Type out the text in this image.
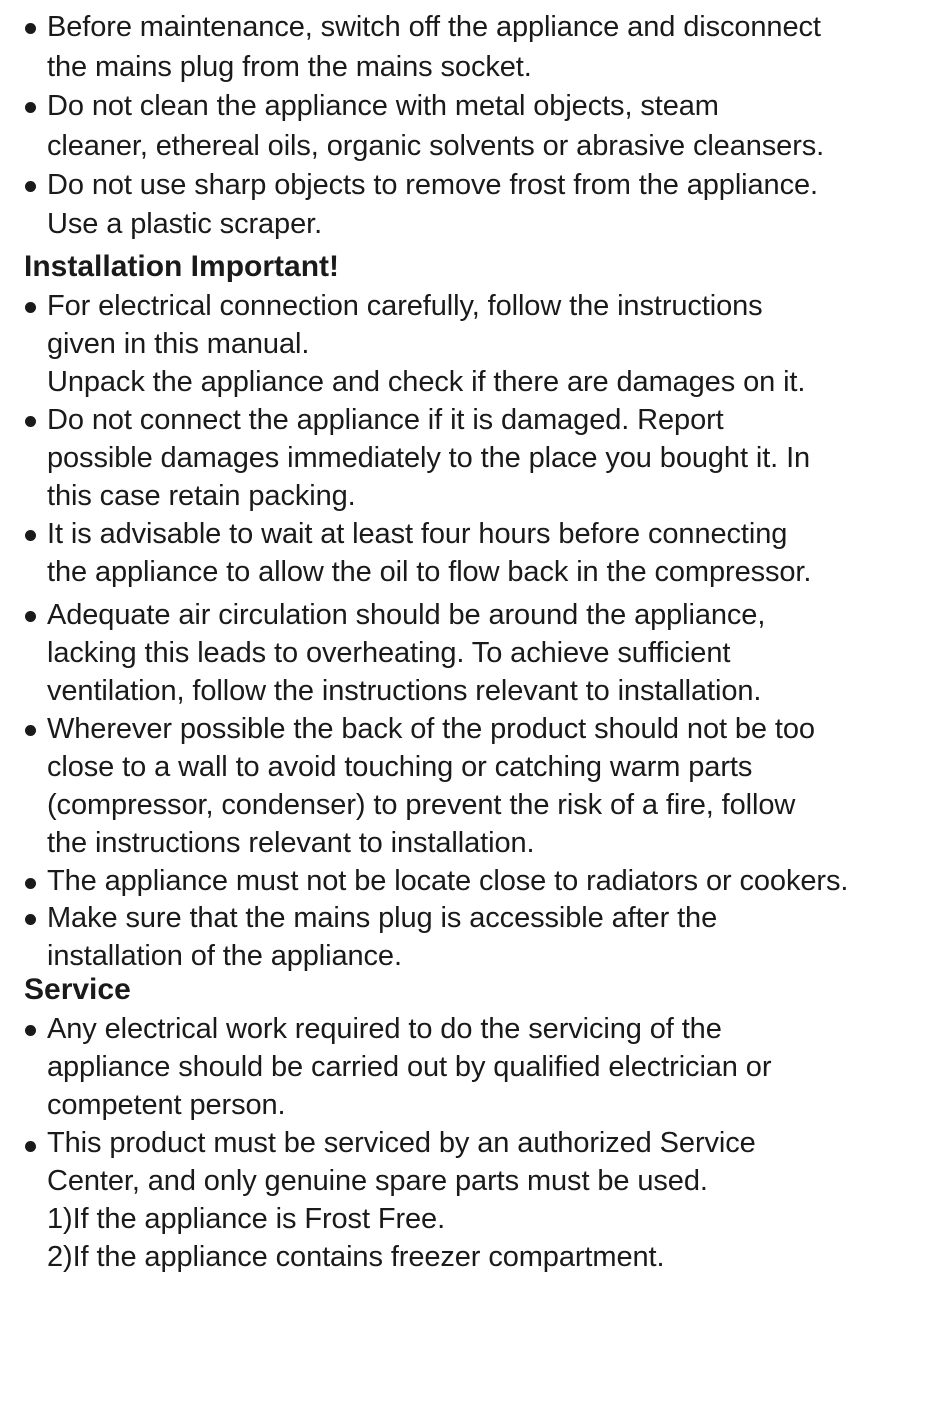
Before maintenance, switch off the appliance and disconnect
the mains plug from the mains socket.
Do not clean the appliance with metal objects, steam
cleaner, ethereal oils, organic solvents or abrasive cleansers.
Do not use sharp objects to remove frost from the appliance.
Use a plastic scraper.
Installation Important!
For electrical connection carefully, follow the instructions
given in this manual.
Unpack the appliance and check if there are damages on it.
Do not connect the appliance if it is damaged. Report
possible damages immediately to the place you bought it. In
this case retain packing.
It is advisable to wait at least four hours before connecting
the appliance to allow the oil to flow back in the compressor.
Adequate air circulation should be around the appliance,
lacking this leads to overheating. To achieve sufficient
ventilation, follow the instructions relevant to installation.
Wherever possible the back of the product should not be too
close to a wall to avoid touching or catching warm parts
(compressor, condenser) to prevent the risk of a fire, follow
the instructions relevant to installation.
The appliance must not be locate close to radiators or cookers.
Make sure that the mains plug is accessible after the
installation of the appliance.
Service
Any electrical work required to do the servicing of the
appliance should be carried out by qualified electrician or
competent person.
This product must be serviced by an authorized Service
Center, and only genuine spare parts must be used.
1)If the appliance is Frost Free.
2)If the appliance contains freezer compartment.
